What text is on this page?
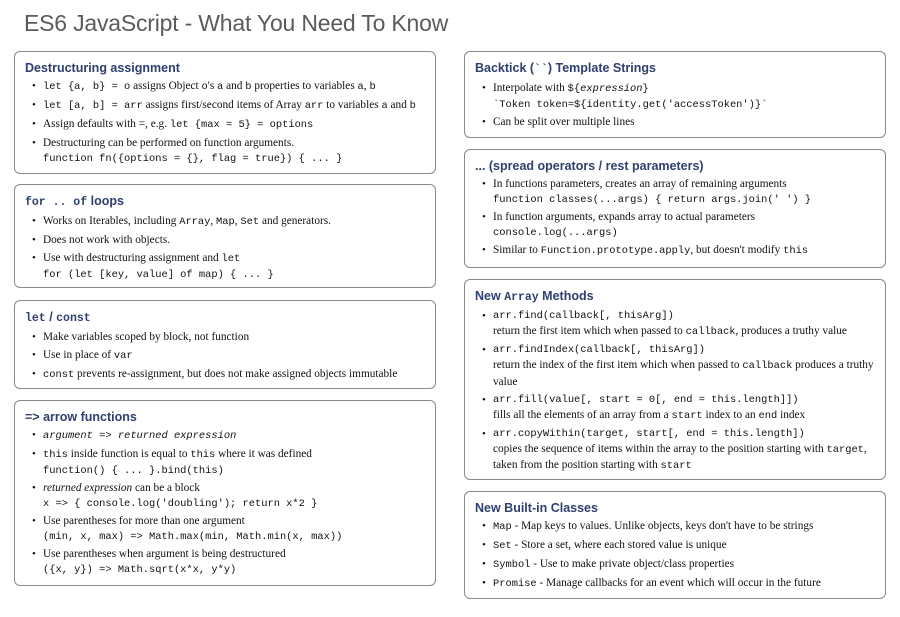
ES6 JavaScript - What You Need To Know
Destructuring assignment
• let {a, b} = o assigns Object o's a and b properties to variables a, b
• let [a, b] = arr assigns first/second items of Array arr to variables a and b
• Assign defaults with =, e.g. let {max = 5} = options
• Destructuring can be performed on function arguments.
function fn({options = {}, flag = true}) { ... }
for .. of loops
• Works on Iterables, including Array, Map, Set and generators.
• Does not work with objects.
• Use with destructuring assignment and let
for (let [key, value] of map) { ... }
let / const
• Make variables scoped by block, not function
• Use in place of var
• const prevents re-assignment, but does not make assigned objects immutable
=> arrow functions
• argument => returned expression
• this inside function is equal to this where it was defined
function() { ... }.bind(this)
• returned expression can be a block
x => { console.log('doubling'); return x*2 }
• Use parentheses for more than one argument
(min, x, max) => Math.max(min, Math.min(x, max))
• Use parentheses when argument is being destructured
({x, y}) => Math.sqrt(x*x, y*y)
Backtick (``) Template Strings
• Interpolate with ${expression}
`Token token=${identity.get('accessToken')}`
• Can be split over multiple lines
... (spread operators / rest parameters)
• In functions parameters, creates an array of remaining arguments
function classes(...args) { return args.join(' ') }
• In function arguments, expands array to actual parameters
console.log(...args)
• Similar to Function.prototype.apply, but doesn't modify this
New Array Methods
• arr.find(callback[, thisArg])
return the first item which when passed to callback, produces a truthy value
• arr.findIndex(callback[, thisArg])
return the index of the first item which when passed to callback produces a truthy value
• arr.fill(value[, start = 0[, end = this.length]])
fills all the elements of an array from a start index to an end index
• arr.copyWithin(target, start[, end = this.length])
copies the sequence of items within the array to the position starting with target, taken from the position starting with start
New Built-in Classes
• Map - Map keys to values. Unlike objects, keys don't have to be strings
• Set - Store a set, where each stored value is unique
• Symbol - Use to make private object/class properties
• Promise - Manage callbacks for an event which will occur in the future
